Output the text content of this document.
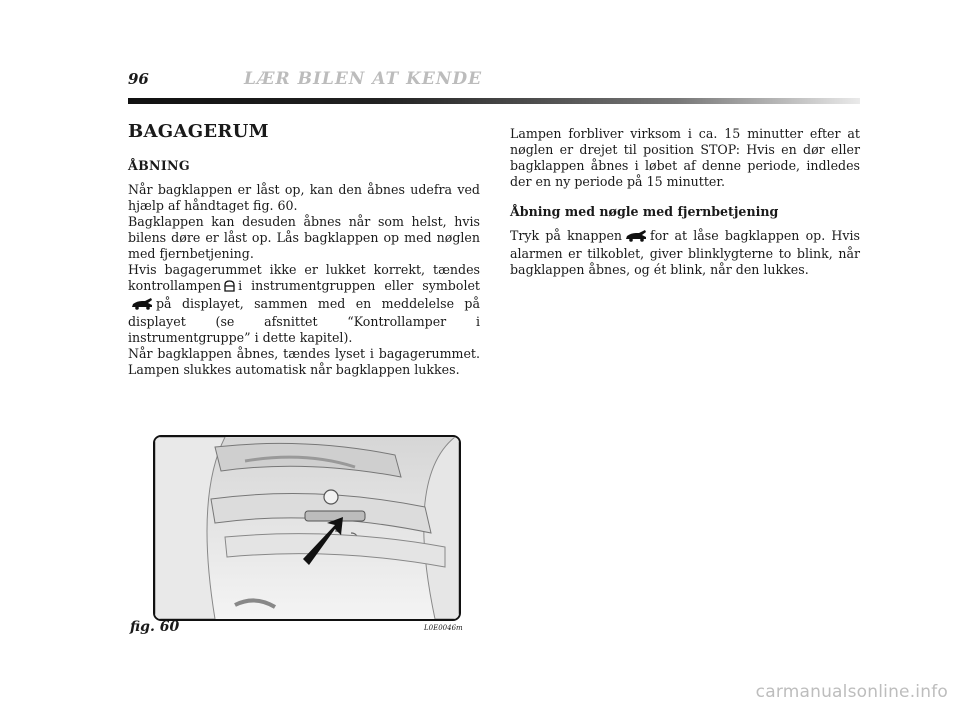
96	LÆR BILEN AT KENDE
BAGAGERUM
ÅBNING

Når bagklappen er låst op, kan den åbnes udefra ved hjælp af håndtaget fig. 60.

Bagklappen kan desuden åbnes når som helst, hvis bilens døre er låst op. Lås bagklappen op med nøglen med fjernbetjening.

Hvis bagagerummet ikke er lukket korrekt, tændes kontrollampen i instrumentgruppen eller symboletpå displayet, sammen med en meddelelse på displayet (se afsnittet “Kontrollamper i instrumentgruppe” i dette kapitel).

Når bagklappen åbnes, tændes lyset i bagagerummet. Lampen slukkes automatisk når bagklappen lukkes.

Lampen forbliver virksom i ca. 15 minutter efter at nøglen er drejet til position STOP: Hvis en dør eller bagklappen åbnes i løbet af denne periode, indledes der en ny periode på 15 minutter.

Åbning med nøgle med fjernbetjening

Tryk på knappen for at låse bagklappen op. Hvis alarmen er tilkoblet, giver blinklygterne to blink, når bagklappen åbnes, og ét blink, når den lukkes.

fig. 60	L0E0046m
carmanualsonline.info
